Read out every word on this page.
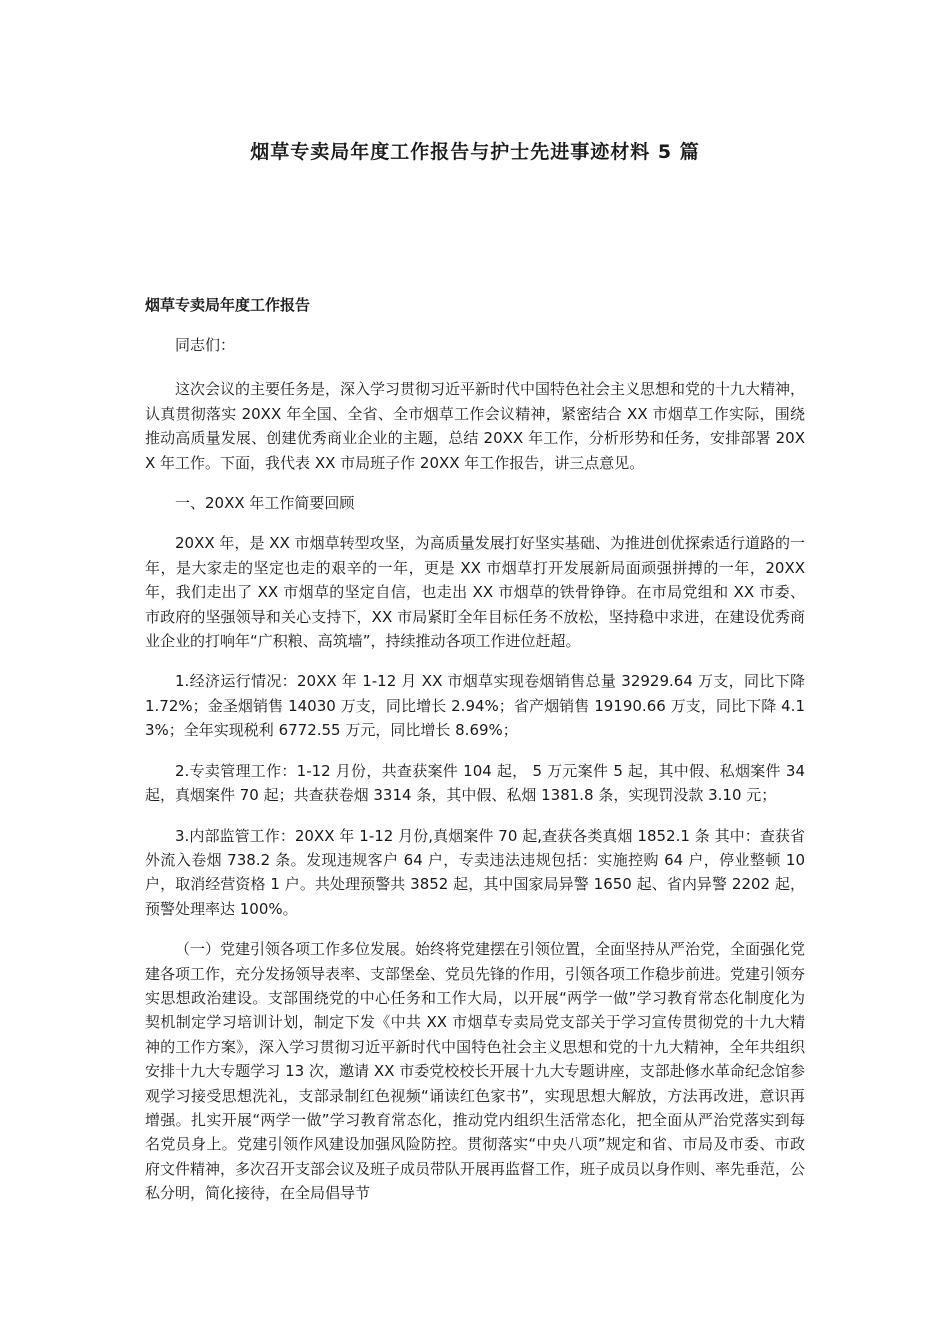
烟草专卖局年度工作报告与护士先进事迹材料 5 篇
烟草专卖局年度工作报告

同志们：

这次会议的主要任务是，深入学习贯彻习近平新时代中国特色社会主义思想和党的十九大精神，认真贯彻落实 20XX 年全国、全省、全市烟草工作会议精神，紧密结合 XX 市烟草工作实际，围绕推动高质量发展、创建优秀商业企业的主题，总结 20XX 年工作，分析形势和任务，安排部署 20XX 年工作。下面，我代表 XX 市局班子作 20XX 年工作报告，讲三点意见。

一、20XX 年工作简要回顾

20XX 年，是 XX 市烟草转型攻坚，为高质量发展打好坚实基础、为推进创优探索适行道路的一年，是大家走的坚定也走的艰辛的一年，更是 XX 市烟草打开发展新局面顽强拼搏的一年，20XX 年，我们走出了 XX 市烟草的坚定自信，也走出 XX 市烟草的铁骨铮铮。在市局党组和 XX 市委、市政府的坚强领导和关心支持下，XX 市局紧盯全年目标任务不放松，坚持稳中求进，在建设优秀商业企业的打响年“广积粮、高筑墙”，持续推动各项工作进位赶超。

1.经济运行情况：20XX 年 1-12 月 XX 市烟草实现卷烟销售总量 32929.64 万支，同比下降 1.72%；金圣烟销售 14030 万支，同比增长 2.94%；省产烟销售 19190.66 万支，同比下降 4.13%；全年实现税利 6772.55 万元，同比增长 8.69%；

2.专卖管理工作：1-12 月份，共查获案件 104 起， 5 万元案件 5 起，其中假、私烟案件 34 起，真烟案件 70 起；共查获卷烟 3314 条，其中假、私烟 1381.8 条，实现罚没款 3.10 元；

3.内部监管工作：20XX 年 1-12 月份,真烟案件 70 起,查获各类真烟 1852.1 条 其中：查获省外流入卷烟 738.2 条。发现违规客户 64 户，专卖违法违规包括：实施控购 64 户，停业整顿 10 户，取消经营资格 1 户。共处理预警共 3852 起，其中国家局异警 1650 起、省内异警 2202 起，预警处理率达 100%。

（一）党建引领各项工作多位发展。始终将党建摆在引领位置，全面坚持从严治党，全面强化党建各项工作，充分发扬领导表率、支部堡垒、党员先锋的作用，引领各项工作稳步前进。党建引领夯实思想政治建设。支部围绕党的中心任务和工作大局，以开展“两学一做”学习教育常态化制度化为契机制定学习培训计划，制定下发《中共 XX 市烟草专卖局党支部关于学习宣传贯彻党的十九大精神的工作方案》，深入学习贯彻习近平新时代中国特色社会主义思想和党的十九大精神，全年共组织安排十九大专题学习 13 次，邀请 XX 市委党校校长开展十九大专题讲座，支部赴修水革命纪念馆参观学习接受思想洗礼，支部录制红色视频“诵读红色家书”，实现思想大解放，方法再改进，意识再增强。扎实开展“两学一做”学习教育常态化，推动党内组织生活常态化，把全面从严治党落实到每名党员身上。党建引领作风建设加强风险防控。贯彻落实“中央八项”规定和省、市局及市委、市政府文件精神，多次召开支部会议及班子成员带队开展再监督工作，班子成员以身作则、率先垂范，公私分明，简化接待，在全局倡导节
